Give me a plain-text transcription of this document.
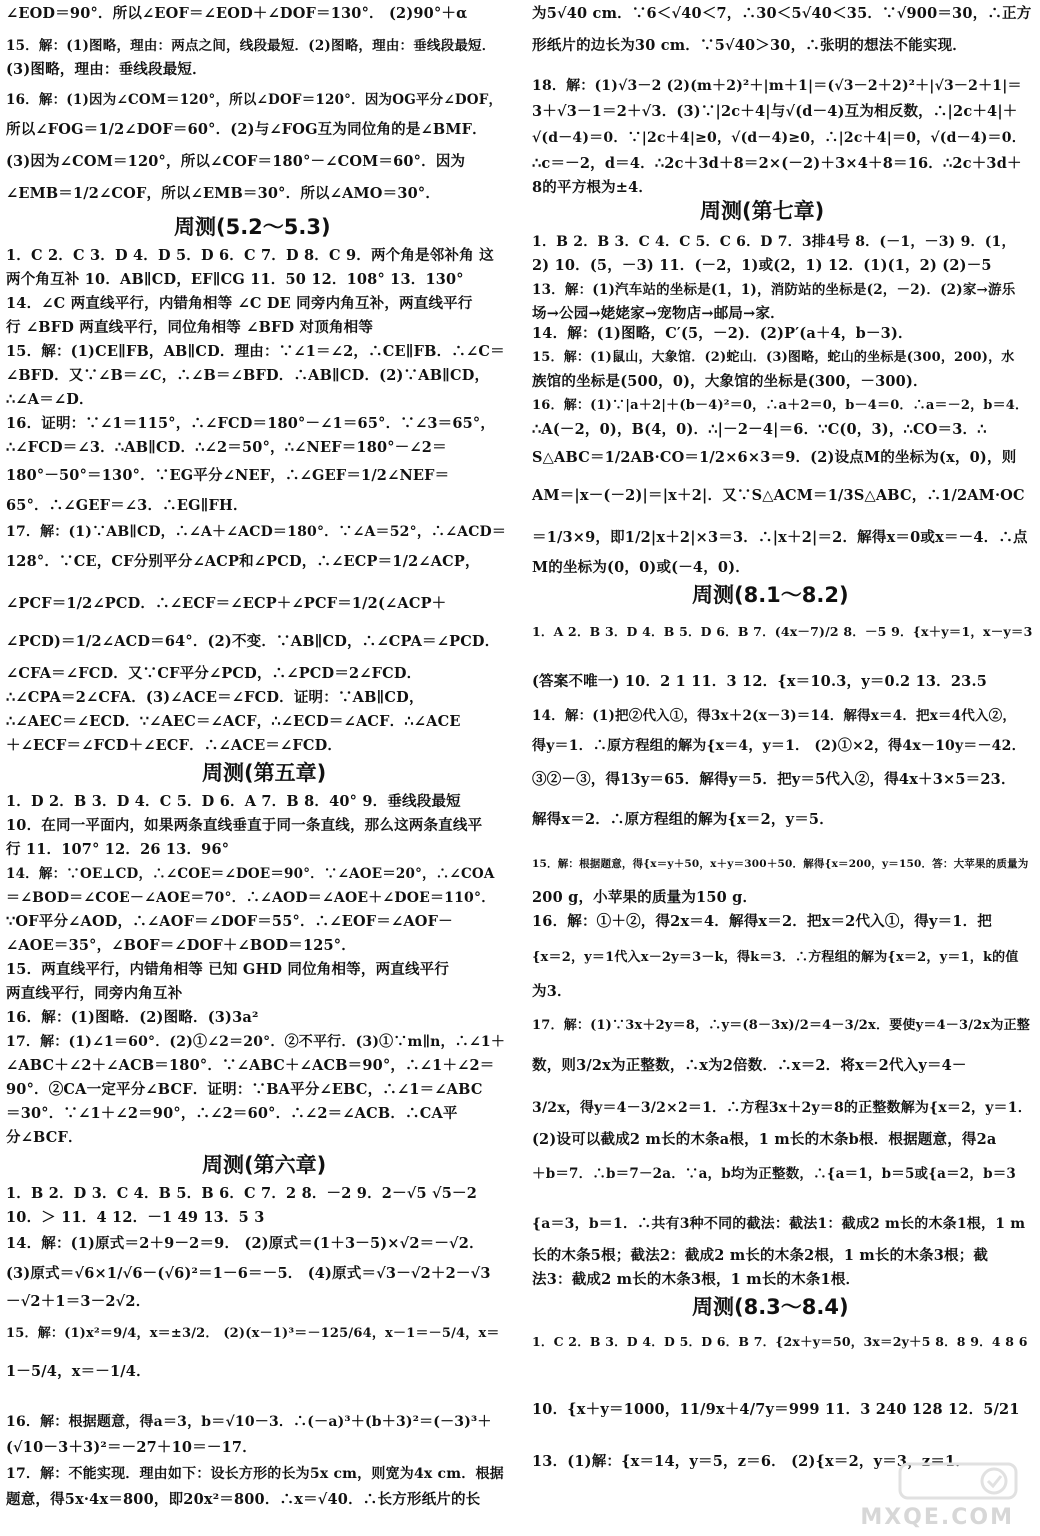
∠EOD＝90°．所以∠EOF＝∠EOD＋∠DOF＝130°． (2)90°＋α
15．解：(1)图略，理由：两点之间，线段最短．(2)图略，理由：垂线段最短．
(3)图略，理由：垂线段最短．
16．解：(1)因为∠COM＝120°，所以∠DOF＝120°．因为OG平分∠DOF，
所以∠FOG＝1/2∠DOF＝60°．(2)与∠FOG互为同位角的是∠BMF．
(3)因为∠COM＝120°，所以∠COF＝180°－∠COM＝60°．因为
∠EMB＝1/2∠COF，所以∠EMB＝30°．所以∠AMO＝30°．
1．C 2．C 3．D 4．D 5．D 6．C 7．D 8．C 9．两个角是邻补角 这
两个角互补 10．AB∥CD，EF∥CG 11．50 12．108° 13．130°
14．∠C 两直线平行，内错角相等 ∠C DE 同旁内角互补，两直线平行
行 ∠BFD 两直线平行，同位角相等 ∠BFD 对顶角相等
15．解：(1)CE∥FB，AB∥CD．理由：∵∠1＝∠2，∴CE∥FB．∴∠C＝
∠BFD．又∵∠B＝∠C，∴∠B＝∠BFD．∴AB∥CD．(2)∵AB∥CD，
∴∠A＝∠D．
16．证明：∵∠1＝115°，∴∠FCD＝180°－∠1＝65°．∵∠3＝65°，
∴∠FCD＝∠3．∴AB∥CD．∴∠2＝50°，∴∠NEF＝180°－∠2＝
180°－50°＝130°．∵EG平分∠NEF，∴∠GEF＝1/2∠NEF＝
65°．∴∠GEF＝∠3．∴EG∥FH．
17．解：(1)∵AB∥CD，∴∠A＋∠ACD＝180°．∵∠A＝52°，∴∠ACD＝
128°．∵CE，CF分别平分∠ACP和∠PCD，∴∠ECP＝1/2∠ACP，
∠PCF＝1/2∠PCD．∴∠ECF＝∠ECP＋∠PCF＝1/2(∠ACP＋
∠PCD)＝1/2∠ACD＝64°．(2)不变．∵AB∥CD，∴∠CPA＝∠PCD．
∠CFA＝∠FCD．又∵CF平分∠PCD，∴∠PCD＝2∠FCD．
∴∠CPA＝2∠CFA．(3)∠ACE＝∠FCD．证明：∵AB∥CD，
∴∠AEC＝∠ECD．∵∠AEC＝∠ACF，∴∠ECD＝∠ACF．∴∠ACE
＋∠ECF＝∠FCD＋∠ECF．∴∠ACE＝∠FCD．
1．D 2．B 3．D 4．C 5．D 6．A 7．B 8．40° 9．垂线段最短
10．在同一平面内，如果两条直线垂直于同一条直线，那么这两条直线平
行 11．107° 12．26 13．96°
14．解：∵OE⊥CD，∴∠COE＝∠DOE＝90°．∵∠AOE＝20°，∴∠COA
＝∠BOD＝∠COE－∠AOE＝70°．∴∠AOD＝∠AOE＋∠DOE＝110°．
∵OF平分∠AOD，∴∠AOF＝∠DOF＝55°．∴∠EOF＝∠AOF－
∠AOE＝35°，∠BOF＝∠DOF＋∠BOD＝125°．
15．两直线平行，内错角相等 已知 GHD 同位角相等，两直线平行
两直线平行，同旁内角互补
16．解：(1)图略．(2)图略．(3)3a²
17．解：(1)∠1＝60°．(2)①∠2＝20°．②不平行．(3)①∵m∥n，∴∠1＋
∠ABC＋∠2＋∠ACB＝180°．∵∠ABC＋∠ACB＝90°，∴∠1＋∠2＝
90°．②CA一定平分∠BCF．证明：∵BA平分∠EBC，∴∠1＝∠ABC
＝30°．∵∠1＋∠2＝90°，∴∠2＝60°．∴∠2＝∠ACB．∴CA平
分∠BCF．
1．B 2．D 3．C 4．B 5．B 6．C 7．2 8．－2 9．2－√5 √5－2
10．＞ 11．4 12．－1 49 13．5 3
14．解：(1)原式＝2＋9－2＝9． (2)原式＝(1＋3－5)×√2＝－√2．
(3)原式＝√6×1/√6－(√6)²＝1－6＝－5． (4)原式＝√3－√2＋2－√3
－√2＋1＝3－2√2．
15．解：(1)x²＝9/4，x＝±3/2． (2)(x－1)³＝－125/64，x－1＝－5/4，x＝
1－5/4，x＝－1/4．
16．解：根据题意，得a＝3，b＝√10－3．∴(－a)³＋(b＋3)²＝(－3)³＋
(√10－3＋3)²＝－27＋10＝－17．
17．解：不能实现．理由如下：设长方形的长为5x cm，则宽为4x cm．根据
题意，得5x·4x＝800，即20x²＝800．∴x＝√40．∴长方形纸片的长
周测(5.2～5.3)
周测(第五章)
周测(第六章)
为5√40 cm．∵6＜√40＜7，∴30＜5√40＜35．∵√900＝30，∴正方
形纸片的边长为30 cm．∵5√40＞30，∴张明的想法不能实现．
18．解：(1)√3－2 (2)(m＋2)²＋|m＋1|＝(√3－2＋2)²＋|√3－2＋1|＝
3＋√3－1＝2＋√3．(3)∵|2c＋4|与√(d－4)互为相反数，∴|2c＋4|＋
√(d－4)＝0．∵|2c＋4|≥0，√(d－4)≥0，∴|2c＋4|＝0，√(d－4)＝0．
∴c＝－2，d＝4．∴2c＋3d＋8＝2×(－2)＋3×4＋8＝16．∴2c＋3d＋
8的平方根为±4．
1．B 2．B 3．C 4．C 5．C 6．D 7．3排4号 8．(－1，－3) 9．(1，
2) 10．(5，－3) 11．(－2，1)或(2，1) 12．(1)(1，2) (2)－5
13．解：(1)汽车站的坐标是(1，1)，消防站的坐标是(2，－2)．(2)家→游乐
场→公园→姥姥家→宠物店→邮局→家．
14．解：(1)图略，C′(5，－2)．(2)P′(a＋4，b－3)．
15．解：(1)鼠山，大象馆．(2)蛇山．(3)图略，蛇山的坐标是(300，200)，水
族馆的坐标是(500，0)，大象馆的坐标是(300，－300)．
16．解：(1)∵|a＋2|＋(b－4)²＝0，∴a＋2＝0，b－4＝0．∴a＝－2，b＝4．
∴A(－2，0)，B(4，0)．∴|－2－4|＝6．∵C(0，3)，∴CO＝3．∴
S△ABC＝1/2AB·CO＝1/2×6×3＝9．(2)设点M的坐标为(x，0)，则
AM＝|x－(－2)|＝|x＋2|．又∵S△ACM＝1/3S△ABC，∴1/2AM·OC
＝1/3×9，即1/2|x＋2|×3＝3．∴|x＋2|＝2．解得x＝0或x＝－4．∴点
M的坐标为(0，0)或(－4，0)．
1．A 2．B 3．D 4．B 5．D 6．B 7．(4x－7)/2 8．－5 9．{x＋y＝1，x－y＝3
(答案不唯一) 10．2 1 11．3 12．{x＝10.3，y＝0.2 13．23.5
14．解：(1)把②代入①，得3x＋2(x－3)＝14．解得x＝4．把x＝4代入②，
得y＝1．∴原方程组的解为{x＝4，y＝1． (2)①×2，得4x－10y＝－42．
③②－③，得13y＝65．解得y＝5．把y＝5代入②，得4x＋3×5＝23．
解得x＝2．∴原方程组的解为{x＝2，y＝5．
15．解：根据题意，得{x＝y＋50，x＋y＝300＋50．解得{x＝200，y＝150．答：大苹果的质量为
200 g，小苹果的质量为150 g．
16．解：①＋②，得2x＝4．解得x＝2．把x＝2代入①，得y＝1．把
{x＝2，y＝1代入x－2y＝3－k，得k＝3．∴方程组的解为{x＝2，y＝1，k的值
为3．
17．解：(1)∵3x＋2y＝8，∴y＝(8－3x)/2＝4－3/2x．要使y＝4－3/2x为正整
数，则3/2x为正整数，∴x为2倍数．∴x＝2．将x＝2代入y＝4－
3/2x，得y＝4－3/2×2＝1．∴方程3x＋2y＝8的正整数解为{x＝2，y＝1．
(2)设可以截成2 m长的木条a根，1 m长的木条b根．根据题意，得2a
＋b＝7．∴b＝7－2a．∵a，b均为正整数，∴{a＝1，b＝5或{a＝2，b＝3
{a＝3，b＝1．∴共有3种不同的截法：截法1：截成2 m长的木条1根，1 m
长的木条5根；截法2：截成2 m长的木条2根，1 m长的木条3根；截
法3：截成2 m长的木条3根，1 m长的木条1根．
1．C 2．B 3．D 4．D 5．D 6．B 7．{2x＋y＝50，3x＝2y＋5 8．8 9．4 8 6
10．{x＋y＝1000，11/9x＋4/7y＝999 11．3 240 128 12．5/21
13．(1)解：{x＝14，y＝5，z＝6． (2){x＝2，y＝3，z＝1．
周测(第七章)
周测(8.1～8.2)
周测(8.3～8.4)
MXQE.COM
